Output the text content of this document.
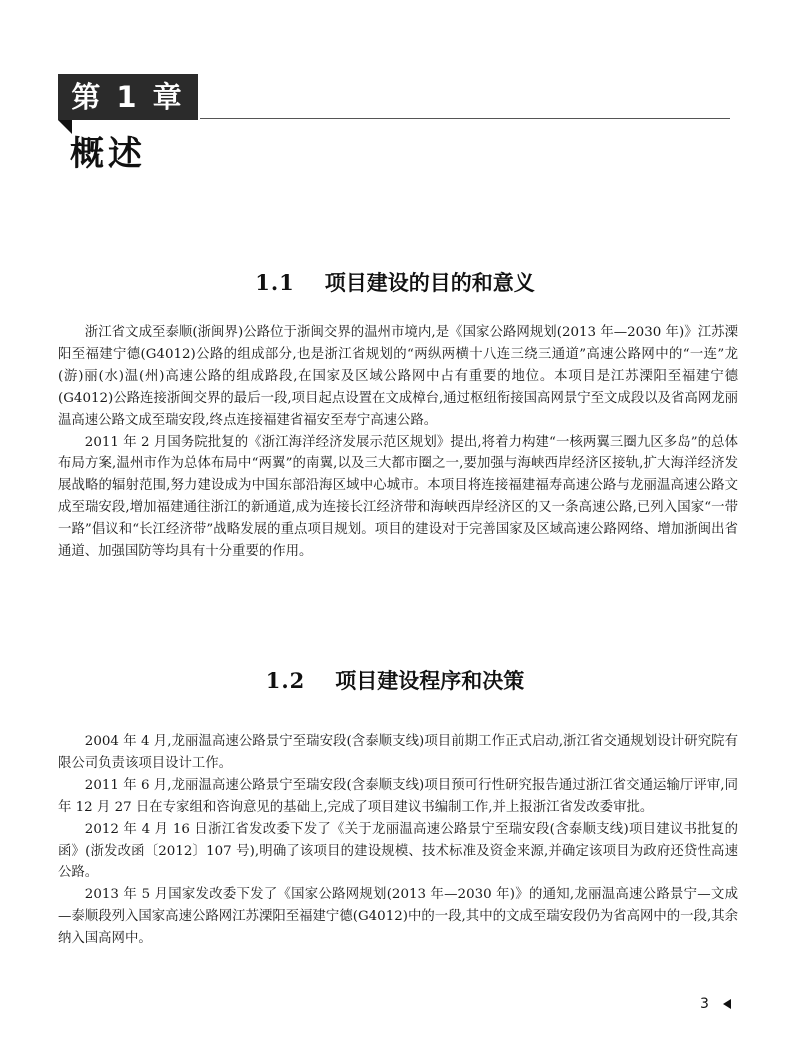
第 1 章
概述
1.1 项目建设的目的和意义

浙江省文成至泰顺(浙闽界)公路位于浙闽交界的温州市境内,是《国家公路网规划(2013 年—2030 年)》江苏溧阳至福建宁德(G4012)公路的组成部分,也是浙江省规划的“两纵两横十八连三绕三通道”高速公路网中的“一连”龙(游)丽(水)温(州)高速公路的组成路段,在国家及区域公路网中占有重要的地位。本项目是江苏溧阳至福建宁德(G4012)公路连接浙闽交界的最后一段,项目起点设置在文成樟台,通过枢纽衔接国高网景宁至文成段以及省高网龙丽温高速公路文成至瑞安段,终点连接福建省福安至寿宁高速公路。

2011 年 2 月国务院批复的《浙江海洋经济发展示范区规划》提出,将着力构建“一核两翼三圈九区多岛”的总体布局方案,温州市作为总体布局中“两翼”的南翼,以及三大都市圈之一,要加强与海峡西岸经济区接轨,扩大海洋经济发展战略的辐射范围,努力建设成为中国东部沿海区域中心城市。本项目将连接福建福寿高速公路与龙丽温高速公路文成至瑞安段,增加福建通往浙江的新通道,成为连接长江经济带和海峡西岸经济区的又一条高速公路,已列入国家“一带一路”倡议和“长江经济带”战略发展的重点项目规划。项目的建设对于完善国家及区域高速公路网络、增加浙闽出省通道、加强国防等均具有十分重要的作用。

1.2 项目建设程序和决策

2004 年 4 月,龙丽温高速公路景宁至瑞安段(含泰顺支线)项目前期工作正式启动,浙江省交通规划设计研究院有限公司负责该项目设计工作。

2011 年 6 月,龙丽温高速公路景宁至瑞安段(含泰顺支线)项目预可行性研究报告通过浙江省交通运输厅评审,同年 12 月 27 日在专家组和咨询意见的基础上,完成了项目建议书编制工作,并上报浙江省发改委审批。

2012 年 4 月 16 日浙江省发改委下发了《关于龙丽温高速公路景宁至瑞安段(含泰顺支线)项目建议书批复的函》(浙发改函〔2012〕107 号),明确了该项目的建设规模、技术标准及资金来源,并确定该项目为政府还贷性高速公路。

2013 年 5 月国家发改委下发了《国家公路网规划(2013 年—2030 年)》的通知,龙丽温高速公路景宁—文成—泰顺段列入国家高速公路网江苏溧阳至福建宁德(G4012)中的一段,其中的文成至瑞安段仍为省高网中的一段,其余纳入国高网中。

3
